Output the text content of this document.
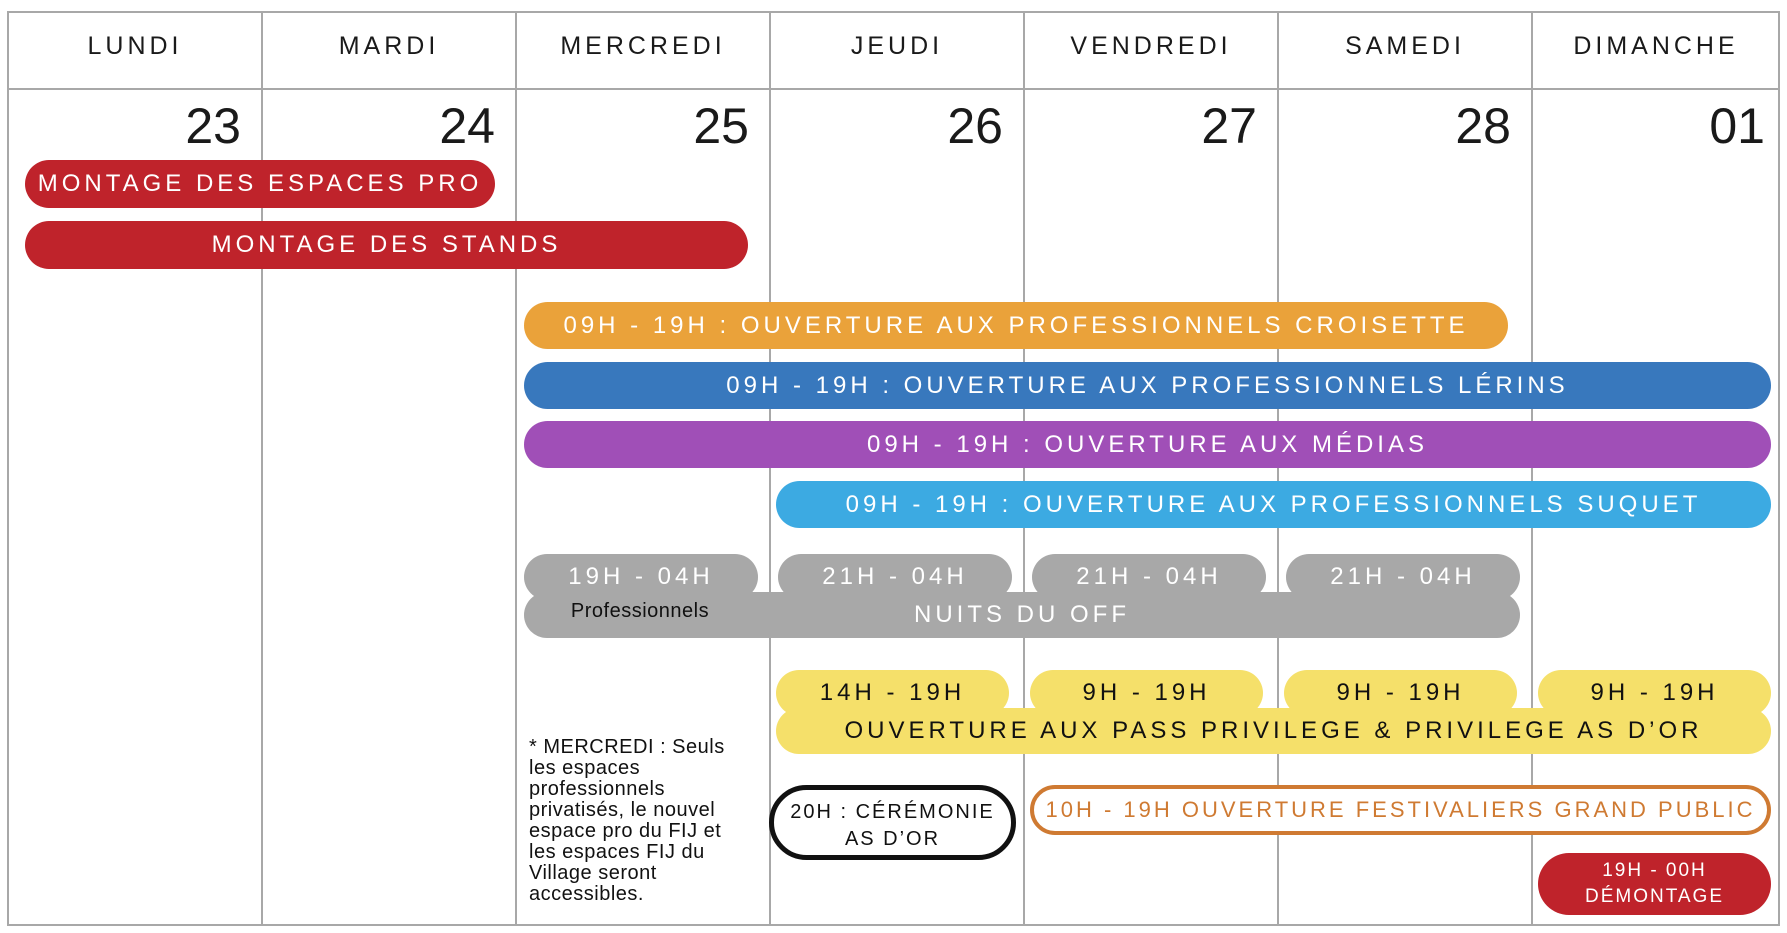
LUNDI	MARDI	MERCREDI	JEUDI	VENDREDI	SAMEDI	DIMANCHE
23	24	25	26	27	28	01
MONTAGE DES ESPACES PRO
MONTAGE DES STANDS
09H - 19H : OUVERTURE AUX PROFESSIONNELS CROISETTE
09H - 19H : OUVERTURE AUX PROFESSIONNELS LÉRINS
09H - 19H : OUVERTURE AUX MÉDIAS
09H - 19H : OUVERTURE AUX PROFESSIONNELS SUQUET
19H - 04H	21H - 04H	21H - 04H	21H - 04H
NUITS DU OFF
Professionnels
14H - 19H	9H - 19H	9H - 19H	9H - 19H
OUVERTURE AUX PASS PRIVILEGE & PRIVILEGE AS D’OR
20H : CÉRÉMONIE
AS D’OR
10H - 19H OUVERTURE FESTIVALIERS GRAND PUBLIC
19H - 00H
DÉMONTAGE
* MERCREDI : Seuls les espaces professionnels privatisés, le nouvel espace pro du FIJ et les espaces FIJ du Village seront accessibles.
